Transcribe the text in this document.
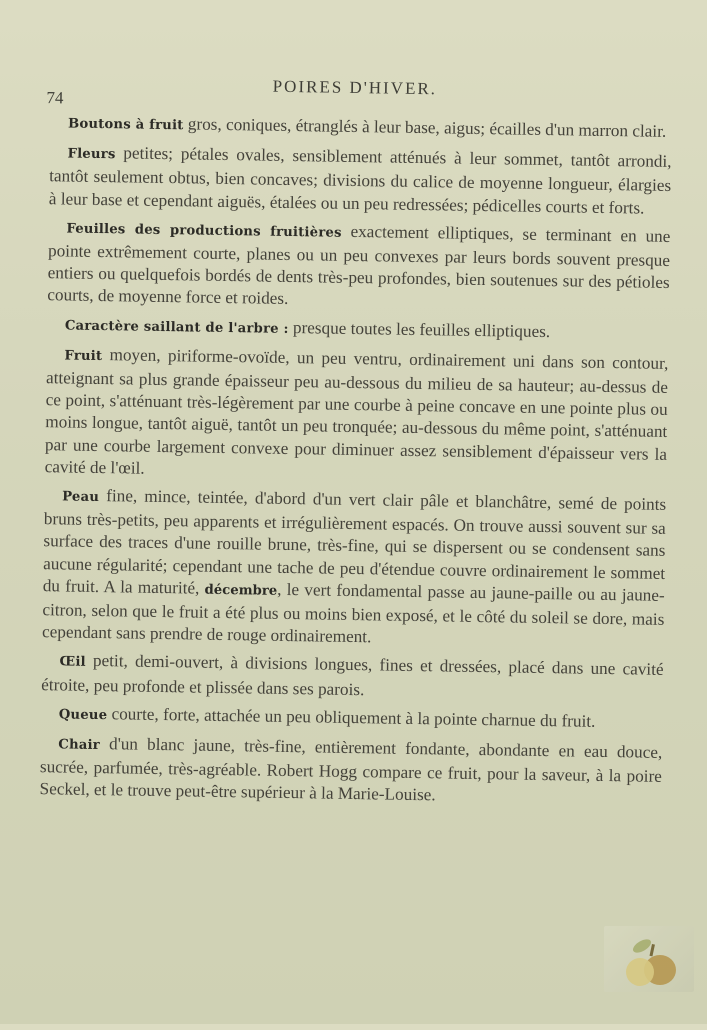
74	POIRES D'HIVER.

Boutons à fruit gros, coniques, étranglés à leur base, aigus; écailles d'un marron clair.

Fleurs petites; pétales ovales, sensiblement atténués à leur sommet, tantôt arrondi, tantôt seulement obtus, bien concaves; divisions du calice de moyenne longueur, élargies à leur base et cependant aiguës, étalées ou un peu redressées; pédicelles courts et forts.

Feuilles des productions fruitières exactement elliptiques, se terminant en une pointe extrêmement courte, planes ou un peu convexes par leurs bords souvent presque entiers ou quelquefois bordés de dents très-peu profondes, bien soutenues sur des pétioles courts, de moyenne force et roides.

Caractère saillant de l'arbre : presque toutes les feuilles elliptiques.

Fruit moyen, piriforme-ovoïde, un peu ventru, ordinairement uni dans son contour, atteignant sa plus grande épaisseur peu au-dessous du milieu de sa hauteur; au-dessus de ce point, s'atténuant très-légèrement par une courbe à peine concave en une pointe plus ou moins longue, tantôt aiguë, tantôt un peu tronquée; au-dessous du même point, s'atténuant par une courbe largement convexe pour diminuer assez sensiblement d'épaisseur vers la cavité de l'œil.

Peau fine, mince, teintée, d'abord d'un vert clair pâle et blanchâtre, semé de points bruns très-petits, peu apparents et irrégulièrement espacés. On trouve aussi souvent sur sa surface des traces d'une rouille brune, très-fine, qui se dispersent ou se condensent sans aucune régularité; cependant une tache de peu d'étendue couvre ordinairement le sommet du fruit. A la maturité, décembre, le vert fondamental passe au jaune-paille ou au jaune-citron, selon que le fruit a été plus ou moins bien exposé, et le côté du soleil se dore, mais cependant sans prendre de rouge ordinairement.

Œil petit, demi-ouvert, à divisions longues, fines et dressées, placé dans une cavité étroite, peu profonde et plissée dans ses parois.

Queue courte, forte, attachée un peu obliquement à la pointe charnue du fruit.

Chair d'un blanc jaune, très-fine, entièrement fondante, abondante en eau douce, sucrée, parfumée, très-agréable. Robert Hogg compare ce fruit, pour la saveur, à la poire Seckel, et le trouve peut-être supérieur à la Marie-Louise.
